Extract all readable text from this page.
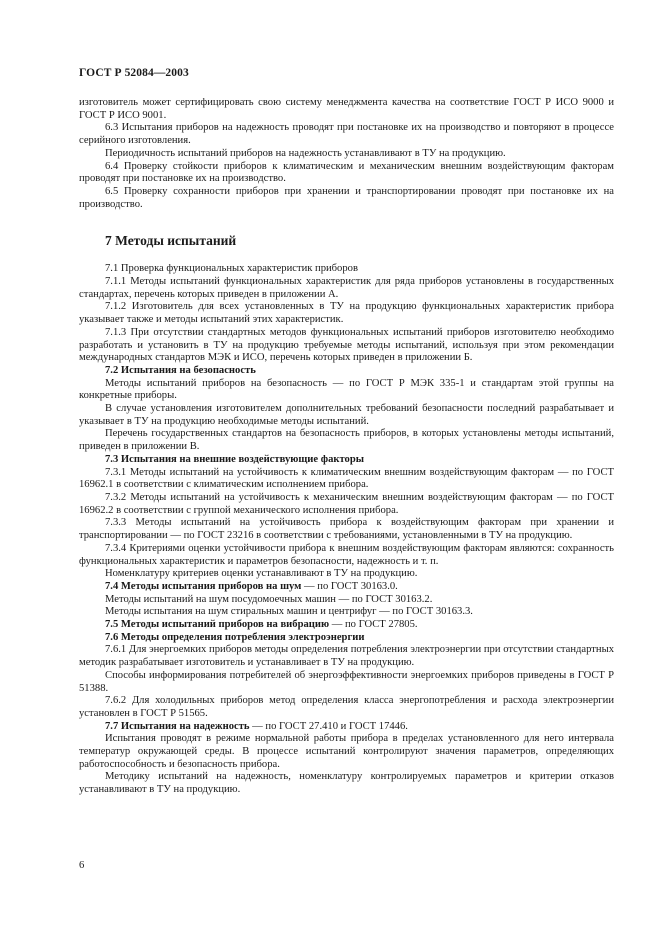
ГОСТ Р 52084—2003

изготовитель может сертифицировать свою систему менеджмента качества на соответствие ГОСТ Р ИСО 9000 и ГОСТ Р ИСО 9001.

6.3 Испытания приборов на надежность проводят при постановке их на производство и повторяют в процессе серийного изготовления.

Периодичность испытаний приборов на надежность устанавливают в ТУ на продукцию.

6.4 Проверку стойкости приборов к климатическим и механическим внешним воздействующим факторам проводят при постановке их на производство.

6.5 Проверку сохранности приборов при хранении и транспортировании проводят при постановке их на производство.

7 Методы испытаний

7.1 Проверка функциональных характеристик приборов

7.1.1 Методы испытаний функциональных характеристик для ряда приборов установлены в государственных стандартах, перечень которых приведен в приложении А.

7.1.2 Изготовитель для всех установленных в ТУ на продукцию функциональных характеристик прибора указывает также и методы испытаний этих характеристик.

7.1.3 При отсутствии стандартных методов функциональных испытаний приборов изготовителю необходимо разработать и установить в ТУ на продукцию требуемые методы испытаний, используя при этом рекомендации международных стандартов МЭК и ИСО, перечень которых приведен в приложении Б.

7.2 Испытания на безопасность

Методы испытаний приборов на безопасность — по ГОСТ Р МЭК 335-1 и стандартам этой группы на конкретные приборы.

В случае установления изготовителем дополнительных требований безопасности последний разрабатывает и указывает в ТУ на продукцию необходимые методы испытаний.

Перечень государственных стандартов на безопасность приборов, в которых установлены методы испытаний, приведен в приложении В.

7.3 Испытания на внешние воздействующие факторы

7.3.1 Методы испытаний на устойчивость к климатическим внешним воздействующим факторам — по ГОСТ 16962.1 в соответствии с климатическим исполнением прибора.

7.3.2 Методы испытаний на устойчивость к механическим внешним воздействующим факторам — по ГОСТ 16962.2 в соответствии с группой механического исполнения прибора.

7.3.3 Методы испытаний на устойчивость прибора к воздействующим факторам при хранении и транспортировании — по ГОСТ 23216 в соответствии с требованиями, установленными в ТУ на продукцию.

7.3.4 Критериями оценки устойчивости прибора к внешним воздействующим факторам являются: сохранность функциональных характеристик и параметров безопасности, надежность и т. п.

Номенклатуру критериев оценки устанавливают в ТУ на продукцию.

7.4 Методы испытания приборов на шум — по ГОСТ 30163.0.

Методы испытаний на шум посудомоечных машин — по ГОСТ 30163.2.

Методы испытания на шум стиральных машин и центрифуг — по ГОСТ 30163.3.

7.5 Методы испытаний приборов на вибрацию — по ГОСТ 27805.

7.6 Методы определения потребления электроэнергии

7.6.1 Для энергоемких приборов методы определения потребления электроэнергии при отсутствии стандартных методик разрабатывает изготовитель и устанавливает в ТУ на продукцию.

Способы информирования потребителей об энергоэффективности энергоемких приборов приведены в ГОСТ Р 51388.

7.6.2 Для холодильных приборов метод определения класса энергопотребления и расхода электроэнергии установлен в ГОСТ Р 51565.

7.7 Испытания на надежность — по ГОСТ 27.410 и ГОСТ 17446.

Испытания проводят в режиме нормальной работы прибора в пределах установленного для него интервала температур окружающей среды. В процессе испытаний контролируют значения параметров, определяющих работоспособность и безопасность прибора.

Методику испытаний на надежность, номенклатуру контролируемых параметров и критерии отказов устанавливают в ТУ на продукцию.

6
